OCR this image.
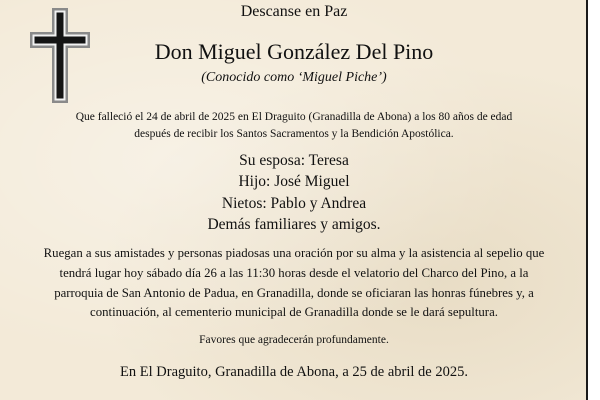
Descanse en Paz

Don Miguel González Del Pino

(Conocido como ‘Miguel Piche’)

Que falleció el 24 de abril de 2025 en El Draguito (Granadilla de Abona) a los 80 años de edad

después de recibir los Santos Sacramentos y la Bendición Apostólica.

Su esposa: Teresa

Hijo: José Miguel

Nietos: Pablo y Andrea

Demás familiares y amigos.

Ruegan a sus amistades y personas piadosas una oración por su alma y la asistencia al sepelio que

tendrá lugar hoy sábado día 26 a las 11:30 horas desde el velatorio del Charco del Pino, a la

parroquia de San Antonio de Padua, en Granadilla, donde se oficiaran las honras fúnebres y, a

continuación, al cementerio municipal de Granadilla donde se le dará sepultura.

Favores que agradecerán profundamente.

En El Draguito, Granadilla de Abona, a 25 de abril de 2025.
